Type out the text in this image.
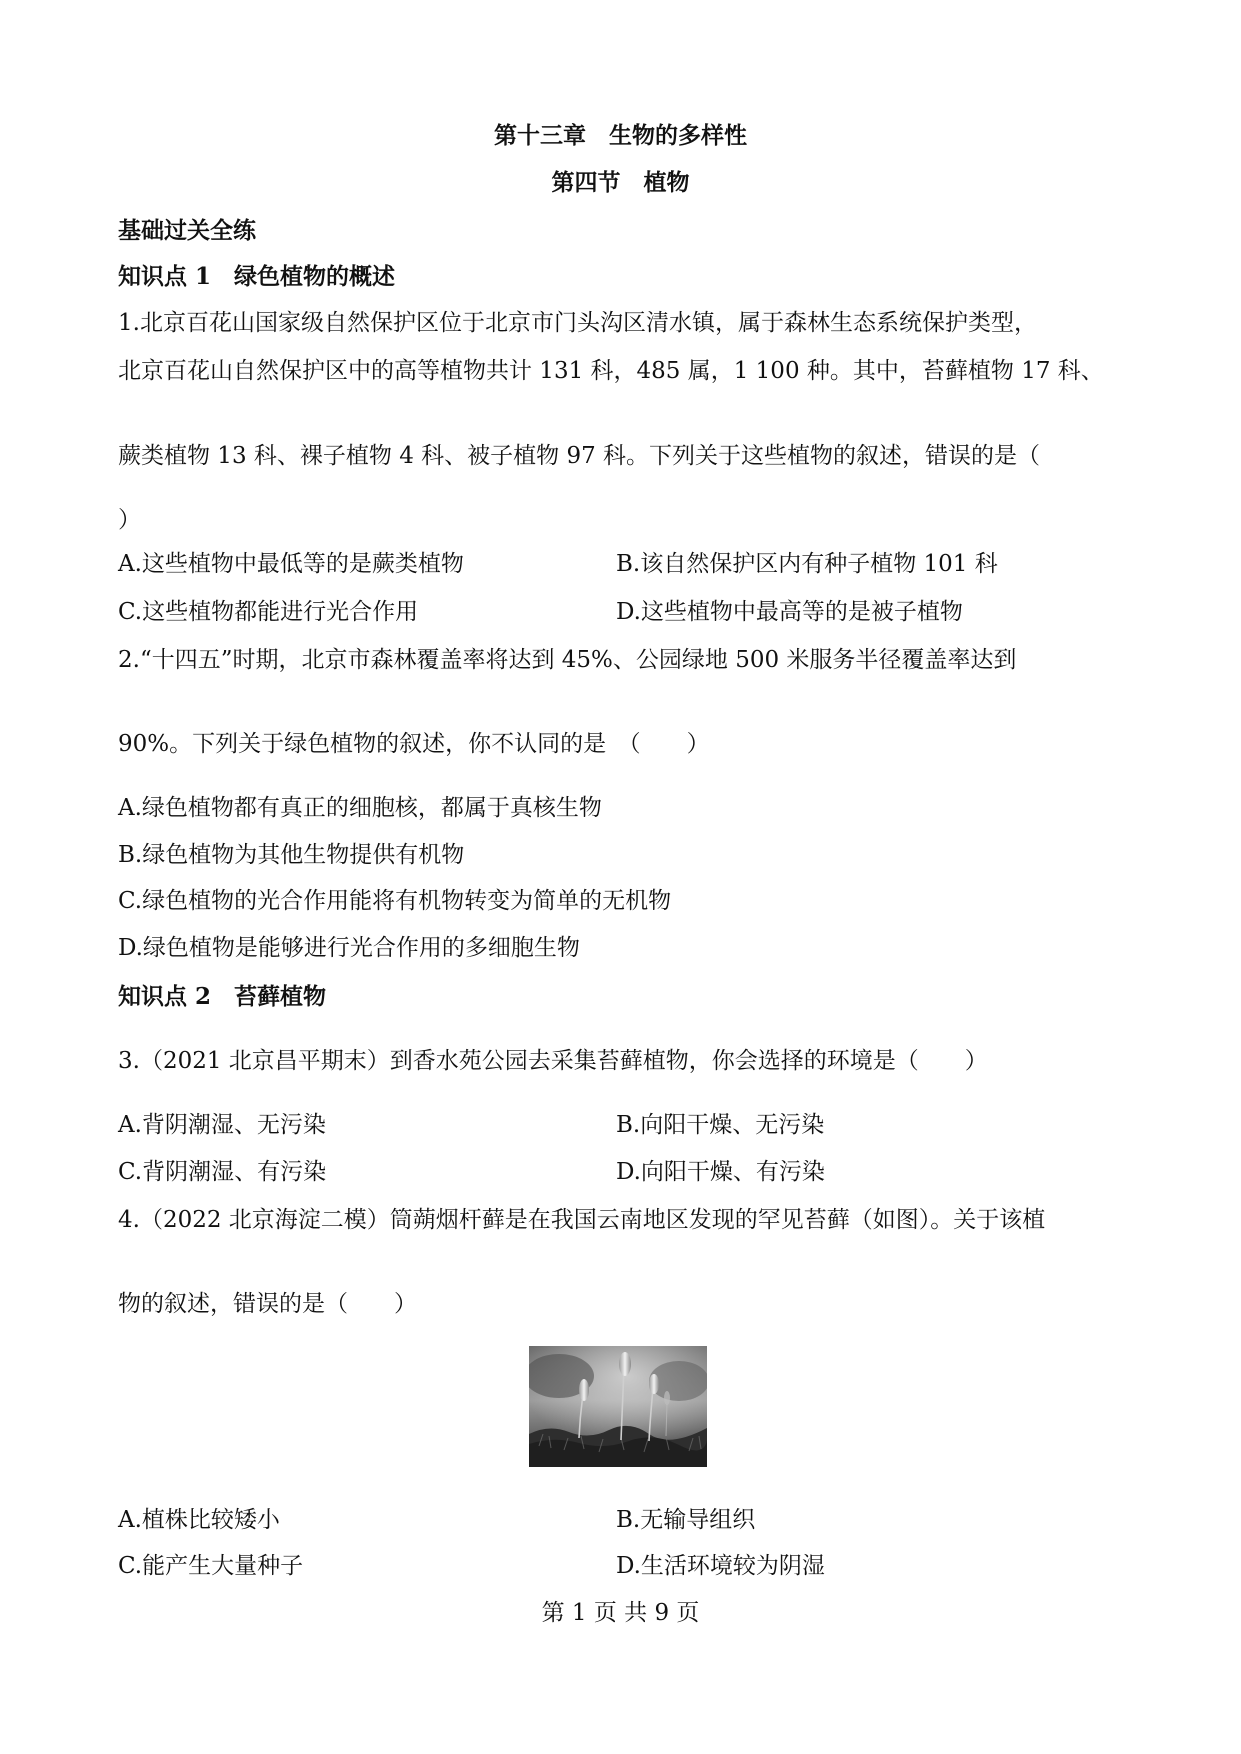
第十三章　生物的多样性
第四节　植物
基础过关全练
知识点 1　绿色植物的概述
1.北京百花山国家级自然保护区位于北京市门头沟区清水镇，属于森林生态系统保护类型，
北京百花山自然保护区中的高等植物共计 131 科，485 属，1 100 种。其中，苔藓植物 17 科、
蕨类植物 13 科、裸子植物 4 科、被子植物 97 科。下列关于这些植物的叙述，错误的是（
）
A.这些植物中最低等的是蕨类植物	B.该自然保护区内有种子植物 101 科
C.这些植物都能进行光合作用	D.这些植物中最高等的是被子植物
2.“十四五”时期，北京市森林覆盖率将达到 45%、公园绿地 500 米服务半径覆盖率达到
90%。下列关于绿色植物的叙述，你不认同的是　（　　）
A.绿色植物都有真正的细胞核，都属于真核生物
B.绿色植物为其他生物提供有机物
C.绿色植物的光合作用能将有机物转变为简单的无机物
D.绿色植物是能够进行光合作用的多细胞生物
知识点 2　苔藓植物
3.（2021 北京昌平期末）到香水苑公园去采集苔藓植物，你会选择的环境是（　　）
A.背阴潮湿、无污染	B.向阳干燥、无污染
C.背阴潮湿、有污染	D.向阳干燥、有污染
4.（2022 北京海淀二模）筒蒴烟杆藓是在我国云南地区发现的罕见苔藓（如图）。关于该植
物的叙述，错误的是（　　）
A.植株比较矮小	B.无输导组织
C.能产生大量种子	D.生活环境较为阴湿
第 1 页 共 9 页
